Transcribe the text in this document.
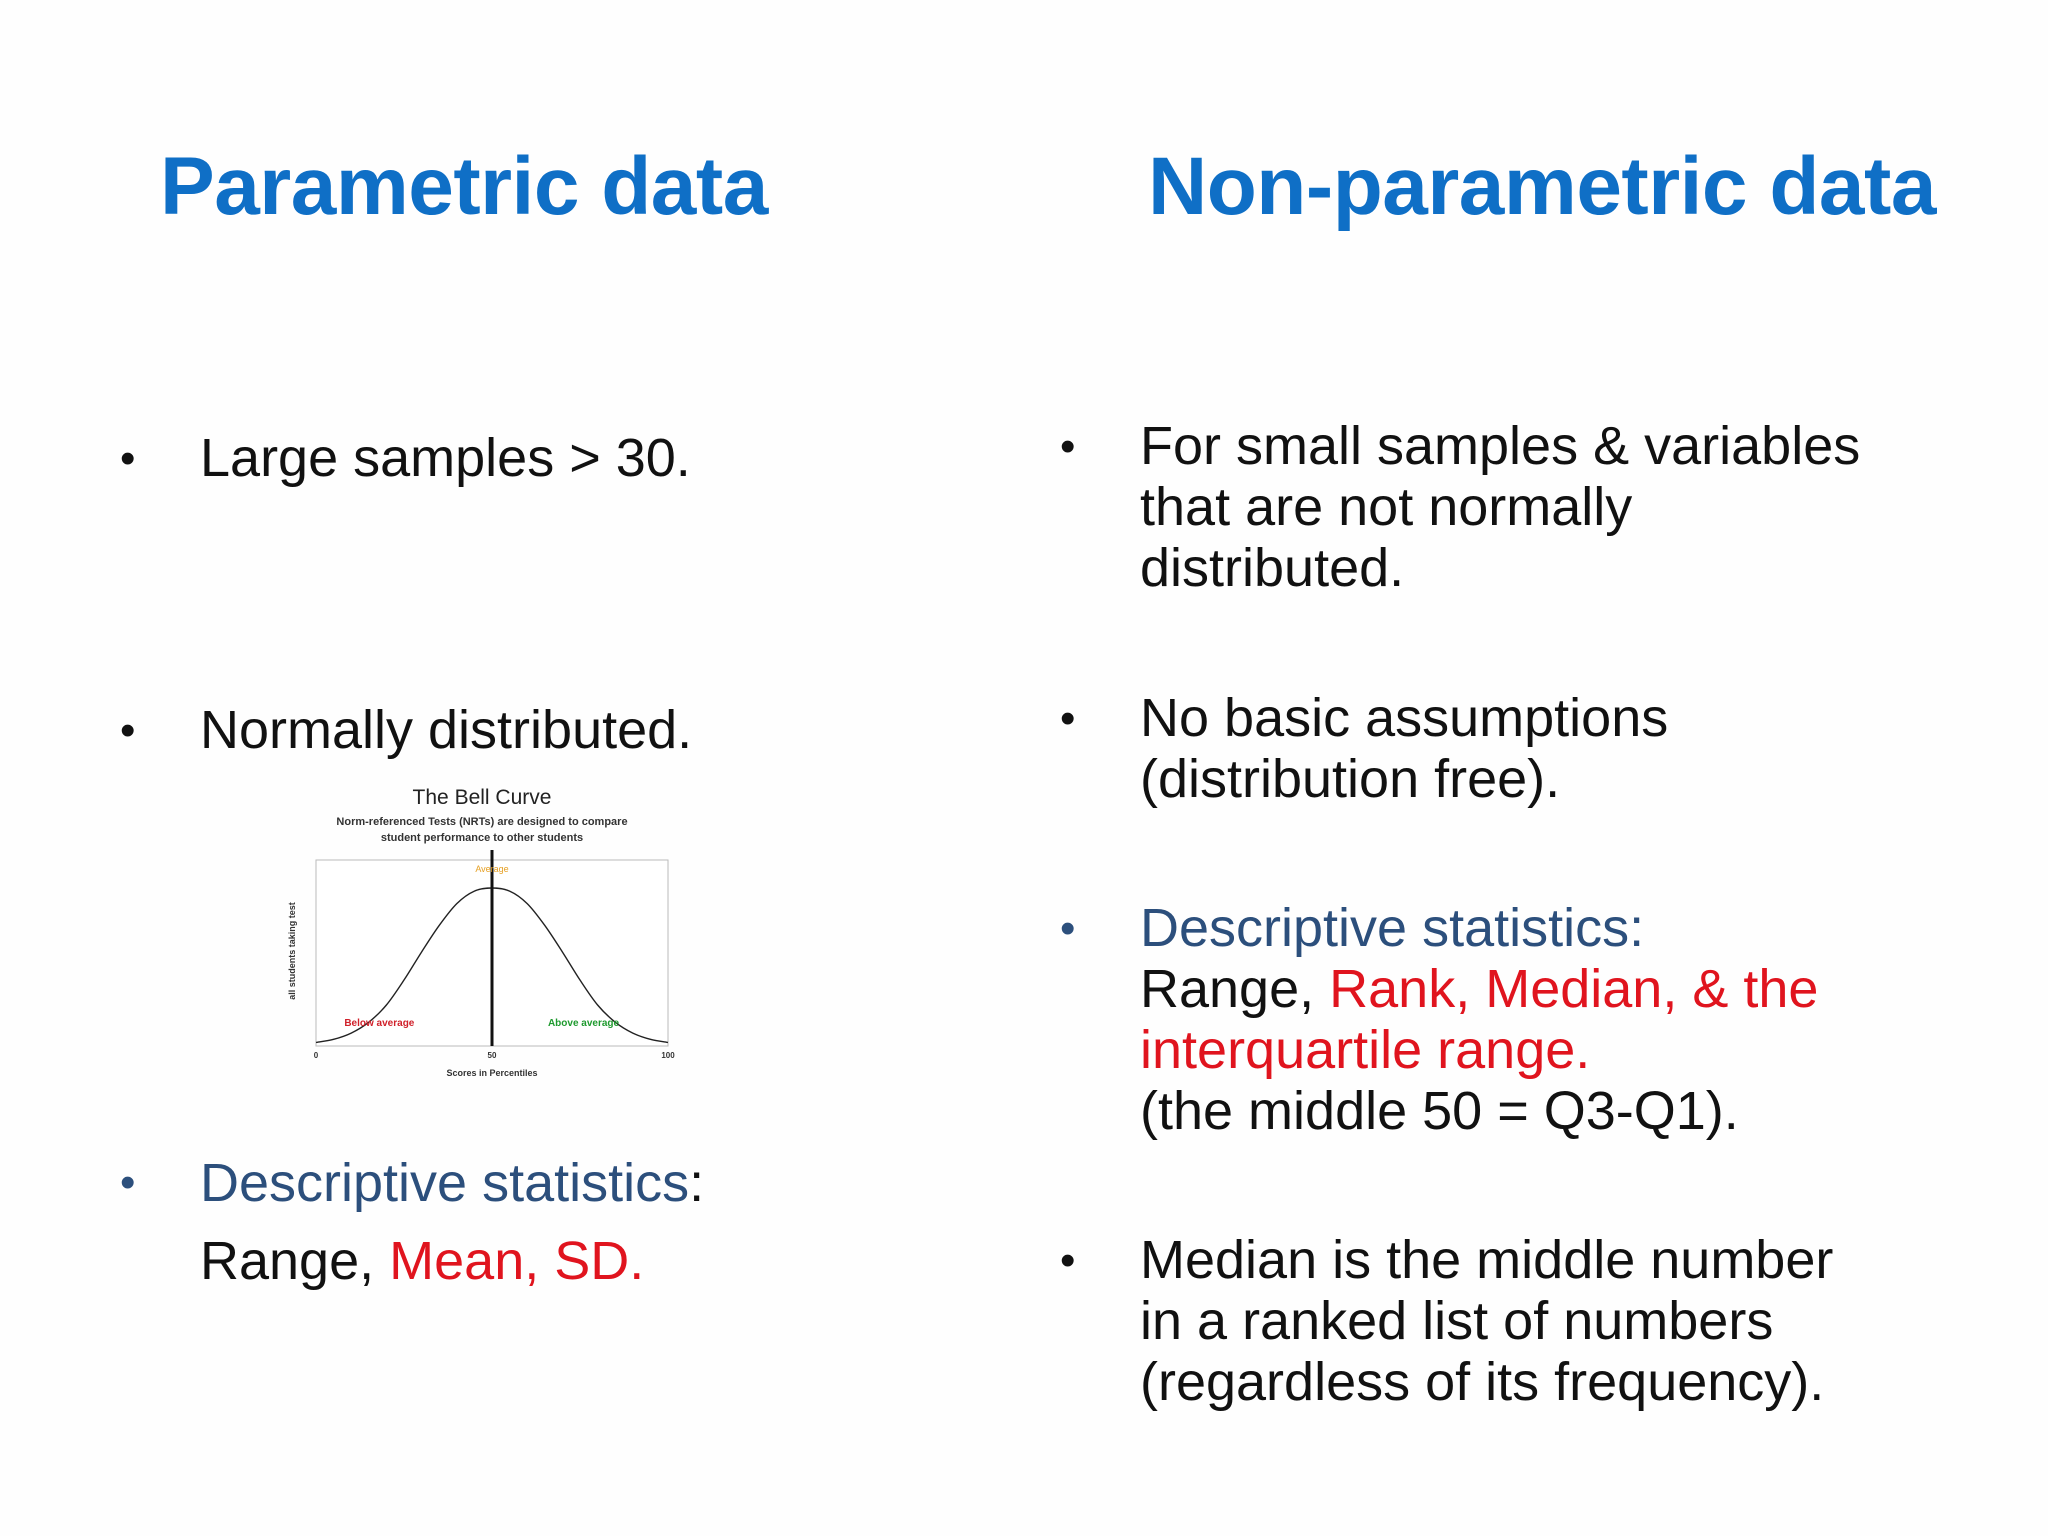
Parametric data	Non-parametric data
•	Large samples > 30.
•	Normally distributed.
•	Descriptive statistics:
Range, Mean, SD.
The Bell Curve
Norm-referenced Tests (NRTs) are designed to compare
student performance to other students
all students taking test
Average
Below average	Above average
0	50	100
Scores in Percentiles
•	For small samples & variables
that are not normally
distributed.
•	No basic assumptions
(distribution free).
•	Descriptive statistics:
Range, Rank, Median, & the
interquartile range.
(the middle 50 = Q3-Q1).
•	Median is the middle number
in a ranked list of numbers
(regardless of its frequency).
